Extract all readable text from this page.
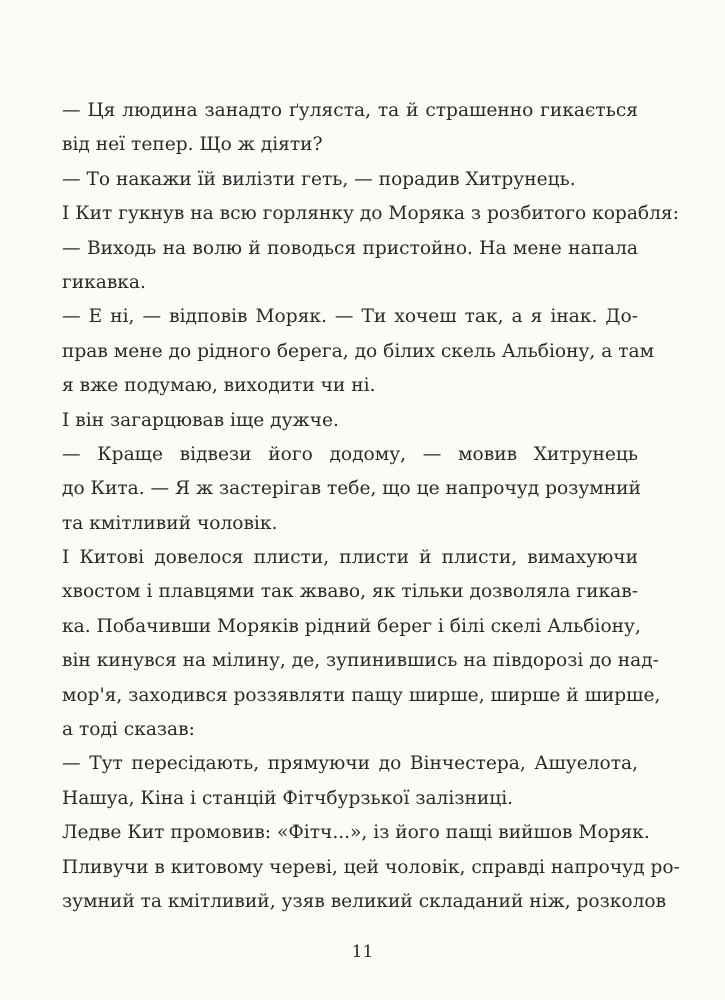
— Ця людина занадто ґуляста, та й страшенно гикається
від неї тепер. Що ж діяти?
— То накажи їй вилізти геть, — порадив Хитрунець.
І Кит гукнув на всю горлянку до Моряка з розбитого корабля:
— Виходь на волю й поводься пристойно. На мене напала
гикавка.
— Е ні, — відповів Моряк. — Ти хочеш так, а я інак. До-
прав мене до рідного берега, до білих скель Альбіону, а там
я вже подумаю, виходити чи ні.
І він загарцював іще дужче.
— Краще відвези його додому, — мовив Хитрунець
до Кита. — Я ж застерігав тебе, що це напрочуд розумний
та кмітливий чоловік.
І Китові довелося плисти, плисти й плисти, вимахуючи
хвостом і плавцями так жваво, як тільки дозволяла гикав-
ка. Побачивши Моряків рідний берег і білі скелі Альбіону,
він кинувся на мілину, де, зупинившись на півдорозі до над-
мор'я, заходився роззявляти пащу ширше, ширше й ширше,
а тоді сказав:
— Тут пересідають, прямуючи до Вінчестера, Ашуелота,
Нашуа, Кіна і станцій Фітчбурзької залізниці.
Ледве Кит промовив: «Фітч...», із його пащі вийшов Моряк.
Пливучи в китовому череві, цей чоловік, справді напрочуд ро-
зумний та кмітливий, узяв великий складаний ніж, розколов
11
